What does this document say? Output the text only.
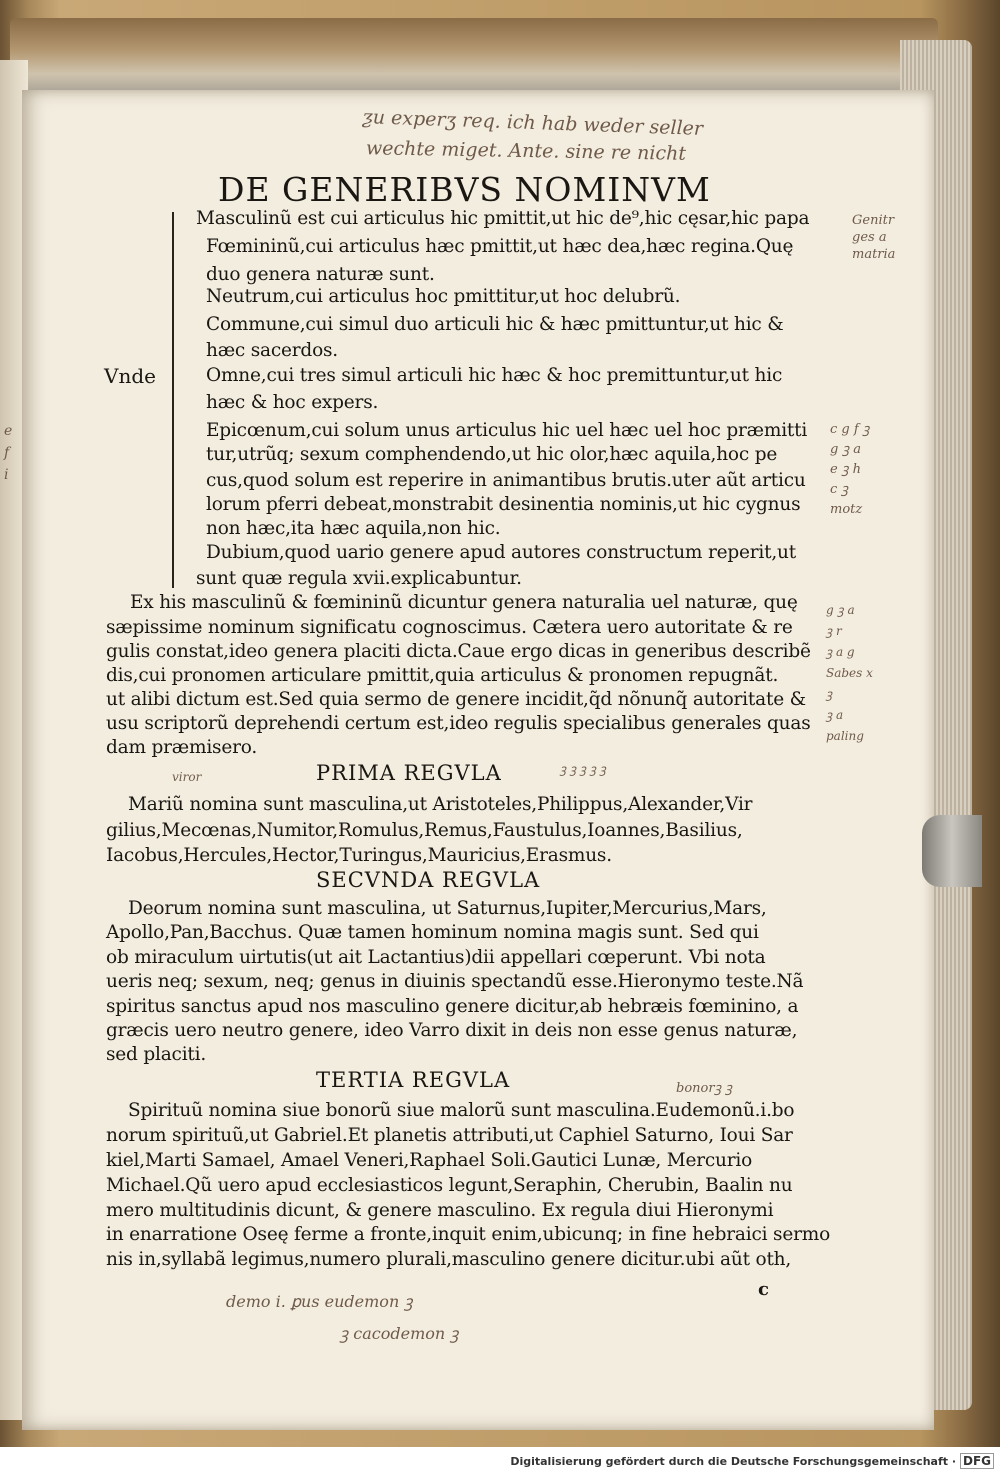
ƺu experʒ req. ich hab weder seller
wechte miget. Ante. sine re nicht
Genitr
ges a
matria
c g f ꝫ
g ꝫ a
e ꝫ h
c ꝫ
motz
g ꝫ a
ꝫ r
ꝫ a g
Sabes x
ꝫ
ꝫ a
paling
e
f
i
ꝫ ꝫ ꝫ ꝫ ꝫ
viror
bonorꝫ ꝫ
demo i. ꝑus eudemon ꝫ
ꝫ cacodemon ꝫ
DE GENERIBVS NOMINVM
Vnde
Masculinũ est cui articulus hic pmittit,ut hic de⁹,hic cęsar,hic papa
Fœmininũ,cui articulus hæc pmittit,ut hæc dea,hæc regina.Quę
duo genera naturæ sunt.
Neutrum,cui articulus hoc pmittitur,ut hoc delubrũ.
Commune,cui simul duo articuli hic & hæc pmittuntur,ut hic &
hæc sacerdos.
Omne,cui tres simul articuli hic hæc & hoc premittuntur,ut hic
hæc & hoc expers.
Epicœnum,cui solum unus articulus hic uel hæc uel hoc præmitti
tur,utrũq; sexum comphendendo,ut hic olor,hæc aquila,hoc pe
cus,quod solum est reperire in animantibus brutis.uter aũt articu
lorum pferri debeat,monstrabit desinentia nominis,ut hic cygnus
non hæc,ita hæc aquila,non hic.
Dubium,quod uario genere apud autores constructum reperit,ut
sunt quæ regula xvii.explicabuntur.
Ex his masculinũ & fœmininũ dicuntur genera naturalia uel naturæ, quę
sæpissime nominum significatu cognoscimus. Cætera uero autoritate & re
gulis constat,ideo genera placiti dicta.Caue ergo dicas in generibus describẽ
dis,cui pronomen articulare pmittit,quia articulus & pronomen repugnãt.
ut alibi dictum est.Sed quia sermo de genere incidit,q̃d nõnunq̃ autoritate &
usu scriptorũ deprehendi certum est,ideo regulis specialibus generales quas
dam præmisero.
PRIMA REGVLA
Mariũ nomina sunt masculina,ut Aristoteles,Philippus,Alexander,Vir
gilius,Mecœnas,Numitor,Romulus,Remus,Faustulus,Ioannes,Basilius,
Iacobus,Hercules,Hector,Turingus,Mauricius,Erasmus.
SECVNDA REGVLA
Deorum nomina sunt masculina, ut Saturnus,Iupiter,Mercurius,Mars,
Apollo,Pan,Bacchus. Quæ tamen hominum nomina magis sunt. Sed qui
ob miraculum uirtutis(ut ait Lactantius)dii appellari cœperunt. Vbi nota
ueris neq; sexum, neq; genus in diuinis spectandũ esse.Hieronymo teste.Nã
spiritus sanctus apud nos masculino genere dicitur,ab hebræis fœminino, a
græcis uero neutro genere, ideo Varro dixit in deis non esse genus naturæ,
sed placiti.
TERTIA REGVLA
Spirituũ nomina siue bonorũ siue malorũ sunt masculina.Eudemonũ.i.bo
norum spirituũ,ut Gabriel.Et planetis attributi,ut Caphiel Saturno, Ioui Sar
kiel,Marti Samael, Amael Veneri,Raphael Soli.Gautici Lunæ, Mercurio
Michael.Qũ uero apud ecclesiasticos legunt,Seraphin, Cherubin, Baalin nu
mero multitudinis dicunt, & genere masculino. Ex regula diui Hieronymi
in enarratione Oseę ferme a fronte,inquit enim,ubicunq; in fine hebraici sermo
nis in,syllabã legimus,numero plurali,masculino genere dicitur.ubi aũt oth,
c
Digitalisierung gefördert durch die Deutsche Forschungsgemeinschaft · DFG
